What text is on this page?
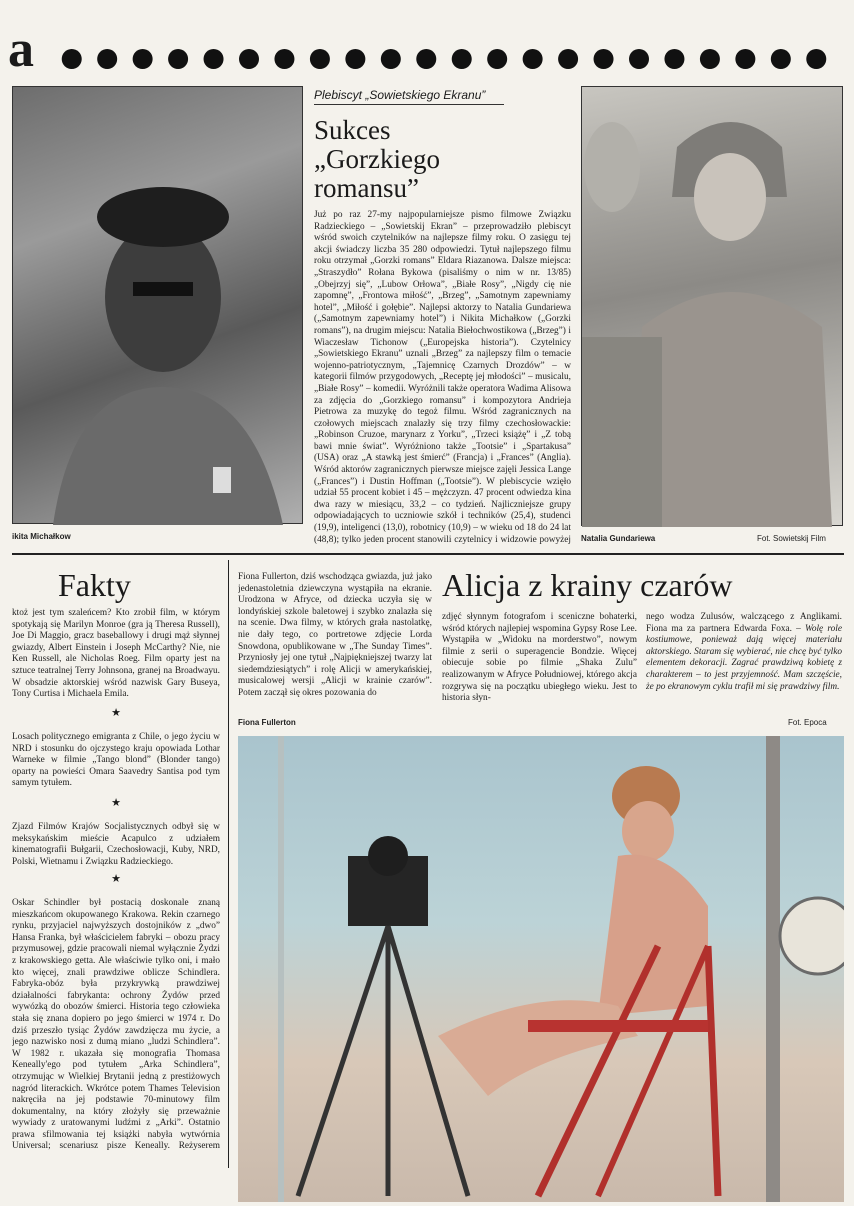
a
ikita Michałkow
Plebiscyt „Sowietskiego Ekranu”
Sukces
„Gorzkiego
romansu”
Już po raz 27-my najpopularniejsze pismo filmowe Związku Radzieckiego – „Sowietskij Ekran” – przeprowadziło plebiscyt wśród swoich czytelników na najlepsze filmy roku. O zasięgu tej akcji świadczy liczba 35 280 odpowiedzi. Tytuł najlepszego filmu roku otrzymał „Gorzki romans” Eldara Riazanowa. Dalsze miejsca: „Straszydło” Rołana Bykowa (pisaliśmy o nim w nr. 13/85) „Obejrzyj się”, „Lubow Orłowa”, „Białe Rosy”, „Nigdy cię nie zapomnę”, „Frontowa miłość”, „Brzeg”, „Samotnym zapewniamy hotel”, „Miłość i gołębie”. Najlepsi aktorzy to Natalia Gundariewa („Samotnym zapewniamy hotel”) i Nikita Michałkow („Gorzki romans”), na drugim miejscu: Natalia Biełochwostikowa („Brzeg”) i Wiaczesław Tichonow („Europejska historia”). Czytelnicy „Sowietskiego Ekranu” uznali „Brzeg” za najlepszy film o temacie wojenno-patriotycznym, „Tajemnicę Czarnych Drozdów” – w kategorii filmów przygodowych, „Receptę jej młodości” – musicalu, „Białe Rosy” – komedii. Wyróżnili także operatora Wadima Alisowa za zdjęcia do „Gorzkiego romansu” i kompozytora Andrieja Pietrowa za muzykę do tegoż filmu. Wśród zagranicznych na czołowych miejscach znalazły się trzy filmy czechosłowackie: „Robinson Cruzoe, marynarz z Yorku”, „Trzeci książę” i „Z tobą bawi mnie świat”. Wyróżniono także „Tootsie” i „Spartakusa” (USA) oraz „A stawką jest śmierć” (Francja) i „Frances” (Anglia). Wśród aktorów zagranicznych pierwsze miejsce zajęli Jessica Lange („Frances”) i Dustin Hoffman („Tootsie”). W plebiscycie wzięło udział 55 procent kobiet i 45 – mężczyzn. 47 procent odwiedza kina dwa razy w miesiącu, 33,2 – co tydzień. Najliczniejsze grupy odpowiadających to uczniowie szkół i techników (25,4), studenci (19,9), inteligenci (13,0), robotnicy (10,9) – w wieku od 18 do 24 lat (48,8); tylko jeden procent stanowili czytelnicy i widzowie powyżej Natalia Gundariewa	Fot. Sowietskij Film
Fakty
ktoż jest tym szaleńcem? Kto zrobił film, w którym spotykają się Marilyn Monroe (gra ją Theresa Russell), Joe Di Maggio, gracz baseballowy i drugi mąż słynnej gwiazdy, Albert Einstein i Joseph McCarthy? Nie, nie Ken Russell, ale Nicholas Roeg. Film oparty jest na sztuce teatralnej Terry Johnsona, granej na Broadwayu. W obsadzie aktorskiej wśród nazwisk Gary Buseya, Tony Curtisa i Michaela Emila.
★
Losach politycznego emigranta z Chile, o jego życiu w NRD i stosunku do ojczystego kraju opowiada Lothar Warneke w filmie „Tango blond” (Blonder tango) oparty na powieści Omara Saavedry Santisa pod tym samym tytułem.
★
Zjazd Filmów Krajów Socjalistycznych odbył się w meksykańskim mieście Acapulco z udziałem kinematografii Bułgarii, Czechosłowacji, Kuby, NRD, Polski, Wietnamu i Związku Radzieckiego.
★
Oskar Schindler był postacią doskonale znaną mieszkańcom okupowanego Krakowa. Rekin czarnego rynku, przyjaciel najwyższych dostojników z „dwo” Hansa Franka, był właścicielem fabryki – obozu pracy przymusowej, gdzie pracowali niemal wyłącznie Żydzi z krakowskiego getta. Ale właściwie tylko oni, i mało kto więcej, znali prawdziwe oblicze Schindlera. Fabryka-obóz była przykrywką prawdziwej działalności fabrykanta: ochrony Żydów przed wywózką do obozów śmierci. Historia tego człowieka stała się znana dopiero po jego śmierci w 1974 r. Do dziś przeszło tysiąc Żydów zawdzięcza mu życie, a jego nazwisko nosi z dumą miano „ludzi Schindlera”. W 1982 r. ukazała się monografia Thomasa Keneally'ego pod tytułem „Arka Schindlera”, otrzymując w Wielkiej Brytanii jedną z prestiżowych nagród literackich. Wkrótce potem Thames Television nakręciła na jej podstawie 70-minutowy film dokumentalny, na który złożyły się przeważnie wywiady z uratowanymi ludźmi z „Arki”. Ostatnio prawa sfilmowania tej książki nabyła wytwórnia Universal; scenariusz pisze Keneally. Reżyserem
Fiona Fullerton, dziś wschodząca gwiazda, już jako jedenastoletnia dziewczyna wystąpiła na ekranie. Urodzona w Afryce, od dziecka uczyła się w londyńskiej szkole baletowej i szybko znalazła się na scenie. Dwa filmy, w których grała nastolatkę, nie dały tego, co portretowe zdjęcie Lorda Snowdona, opublikowane w „The Sunday Times”. Przyniosły jej one tytuł „Najpiękniejszej twarzy lat siedemdziesiątych” i rolę Alicji w amerykańskiej, musicalowej wersji „Alicji w krainie czarów”. Potem zaczął się okres pozowania do
Alicja z krainy czarów
zdjęć słynnym fotografom i sceniczne bohaterki, wśród których najlepiej wspomina Gypsy Rose Lee. Wystąpiła w „Widoku na morderstwo”, nowym filmie z serii o superagencie Bondzie. Więcej obiecuje sobie po filmie „Shaka Zulu” realizowanym w Afryce Południowej, którego akcja rozgrywa się na początku ubiegłego wieku. Jest to historia słyn-
nego wodza Zulusów, walczącego z Anglikami. Fiona ma za partnera Edwarda Foxa. – Wolę role kostiumowe, ponieważ dają więcej materiału aktorskiego. Staram się wybierać, nie chcę być tylko elementem dekoracji. Zagrać prawdziwą kobietę z charakterem – to jest przyjemność. Mam szczęście, że po ekranowym cyklu trafił mi się prawdziwy film.
Fiona Fullerton	Fot. Epoca
